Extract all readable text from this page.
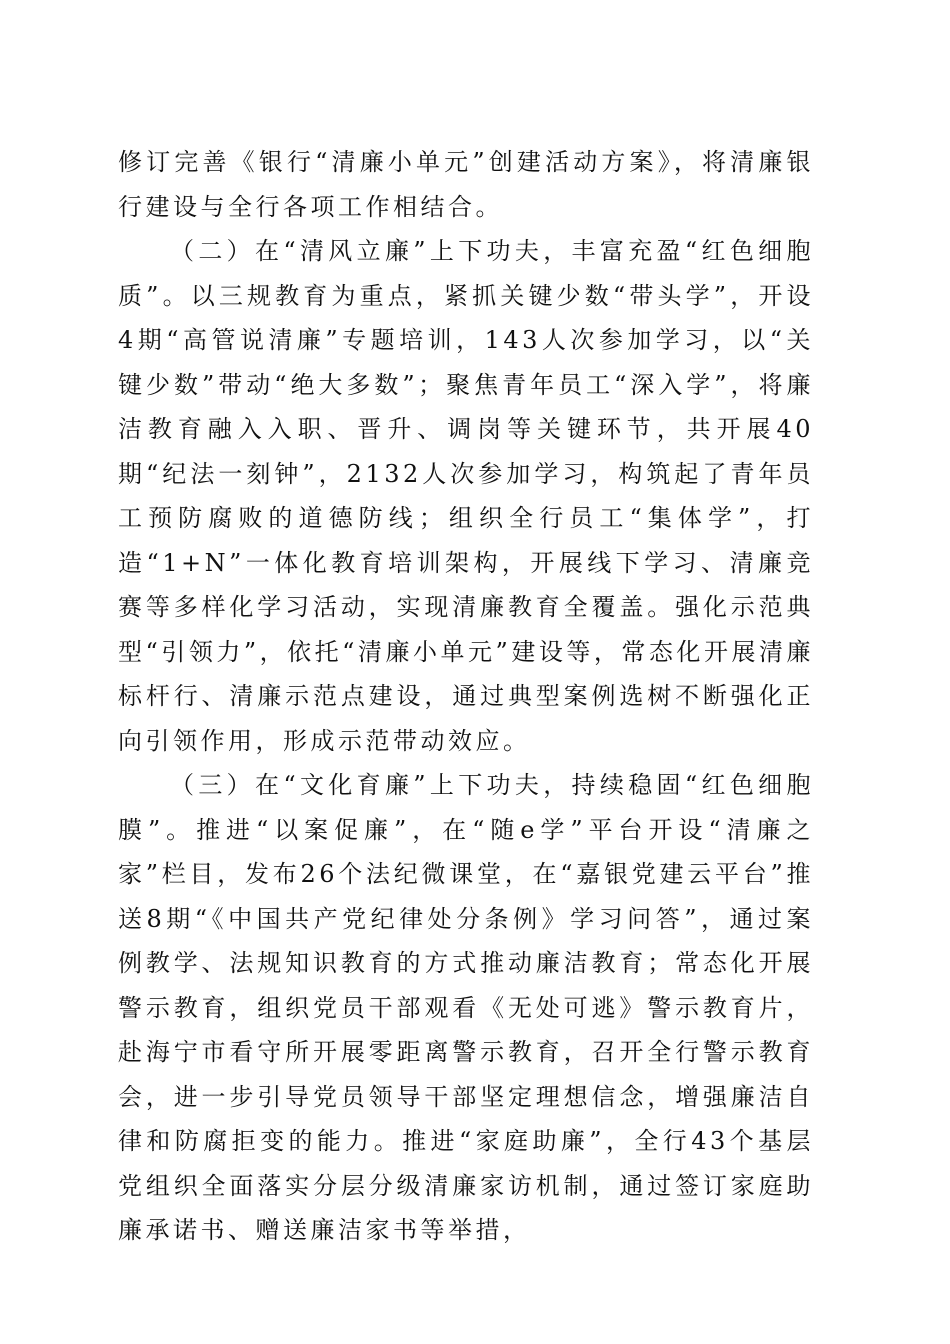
修订完善《银行“清廉小单元”创建活动方案》，将清廉银行建设与全行各项工作相结合。

（二）在“清风立廉”上下功夫，丰富充盈“红色细胞质”。以三规教育为重点，紧抓关键少数“带头学”，开设4期“高管说清廉”专题培训，143人次参加学习，以“关键少数”带动“绝大多数”；聚焦青年员工“深入学”，将廉洁教育融入入职、晋升、调岗等关键环节，共开展40期“纪法一刻钟”，2132人次参加学习，构筑起了青年员工预防腐败的道德防线；组织全行员工“集体学”，打造“1+N”一体化教育培训架构，开展线下学习、清廉竞赛等多样化学习活动，实现清廉教育全覆盖。强化示范典型“引领力”，依托“清廉小单元”建设等，常态化开展清廉标杆行、清廉示范点建设，通过典型案例选树不断强化正向引领作用，形成示范带动效应。

（三）在“文化育廉”上下功夫，持续稳固“红色细胞膜”。推进“以案促廉”，在“随e学”平台开设“清廉之家”栏目，发布26个法纪微课堂，在“嘉银党建云平台”推送8期“《中国共产党纪律处分条例》学习问答”，通过案例教学、法规知识教育的方式推动廉洁教育；常态化开展警示教育，组织党员干部观看《无处可逃》警示教育片，赴海宁市看守所开展零距离警示教育，召开全行警示教育会，进一步引导党员领导干部坚定理想信念，增强廉洁自律和防腐拒变的能力。推进“家庭助廉”，全行43个基层党组织全面落实分层分级清廉家访机制，通过签订家庭助廉承诺书、赠送廉洁家书等举措，
